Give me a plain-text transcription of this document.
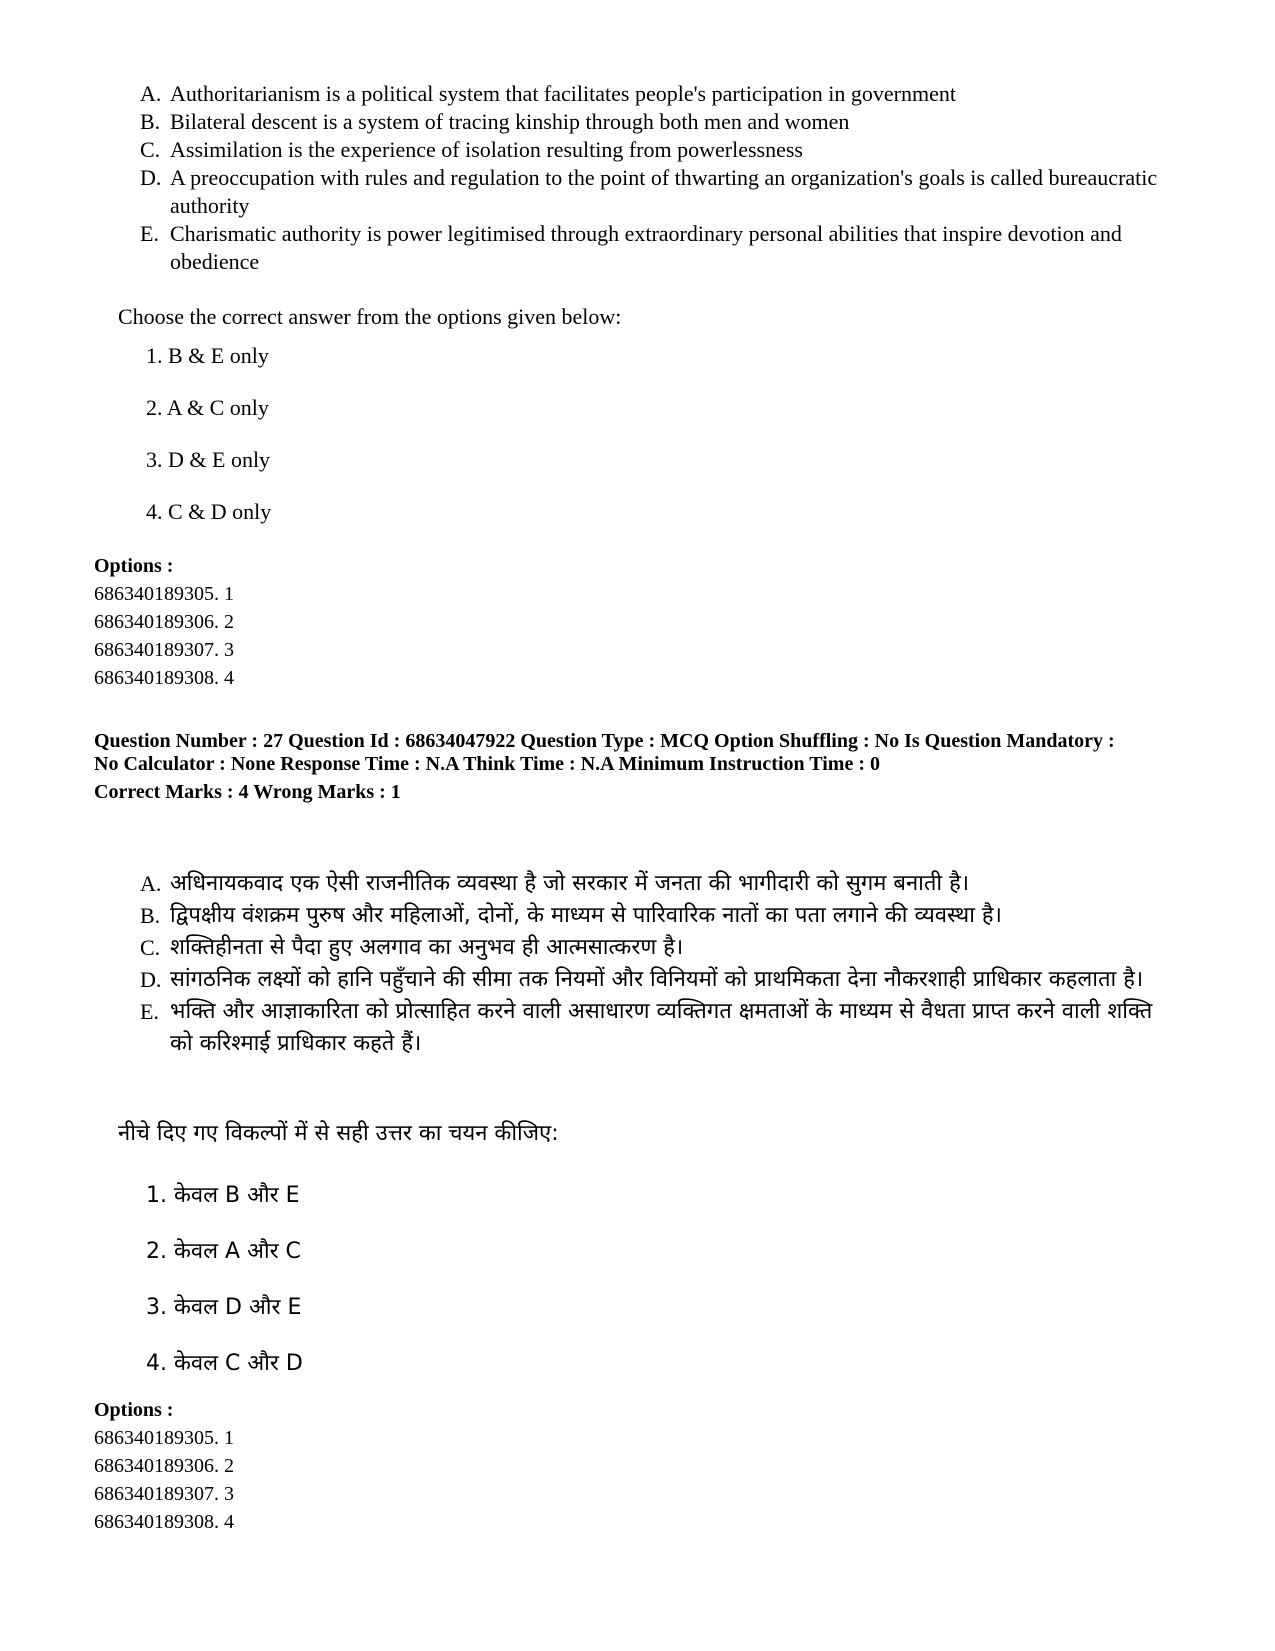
A. Authoritarianism is a political system that facilitates people's participation in government
B. Bilateral descent is a system of tracing kinship through both men and women
C. Assimilation is the experience of isolation resulting from powerlessness
D. A preoccupation with rules and regulation to the point of thwarting an organization's goals is called bureaucratic authority
E. Charismatic authority is power legitimised through extraordinary personal abilities that inspire devotion and obedience
Choose the correct answer from the options given below:
1. B & E only
2. A & C only
3. D & E only
4. C & D only
Options :
686340189305. 1
686340189306. 2
686340189307. 3
686340189308. 4
Question Number : 27 Question Id : 68634047922 Question Type : MCQ Option Shuffling : No Is Question Mandatory :
No Calculator : None Response Time : N.A Think Time : N.A Minimum Instruction Time : 0
Correct Marks : 4 Wrong Marks : 1
A. अधिनायकवाद एक ऐसी राजनीतिक व्यवस्था है जो सरकार में जनता की भागीदारी को सुगम बनाती है।
B. द्विपक्षीय वंशक्रम पुरुष और महिलाओं, दोनों, के माध्यम से पारिवारिक नातों का पता लगाने की व्यवस्था है।
C. शक्तिहीनता से पैदा हुए अलगाव का अनुभव ही आत्मसात्करण है।
D. सांगठनिक लक्ष्यों को हानि पहुँचाने की सीमा तक नियमों और विनियमों को प्राथमिकता देना नौकरशाही प्राधिकार कहलाता है।
E. भक्ति और आज्ञाकारिता को प्रोत्साहित करने वाली असाधारण व्यक्तिगत क्षमताओं के माध्यम से वैधता प्राप्त करने वाली शक्ति को करिश्माई प्राधिकार कहते हैं।
नीचे दिए गए विकल्पों में से सही उत्तर का चयन कीजिए:
1. केवल B और E
2. केवल A और C
3. केवल D और E
4. केवल C और D
Options :
686340189305. 1
686340189306. 2
686340189307. 3
686340189308. 4
